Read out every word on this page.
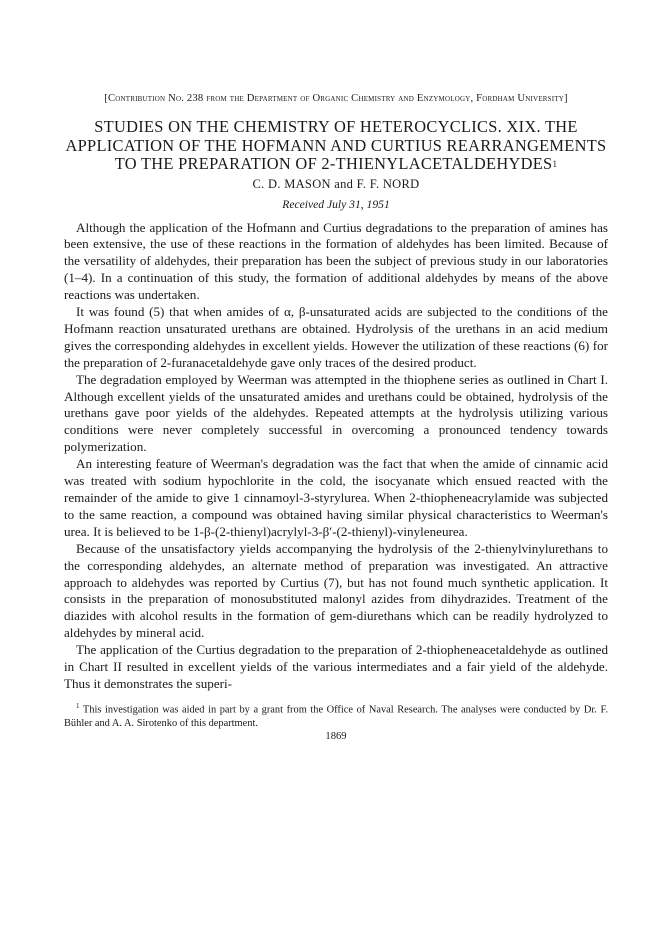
[Contribution No. 238 from the Department of Organic Chemistry and Enzymology, Fordham University]

STUDIES ON THE CHEMISTRY OF HETEROCYCLICS. XIX. THE APPLICATION OF THE HOFMANN AND CURTIUS REARRANGEMENTS TO THE PREPARATION OF 2-THIENYLACETALDEHYDES$^1$

C. D. MASON and F. F. NORD

Received July 31, 1951

Although the application of the Hofmann and Curtius degradations to the preparation of amines has been extensive, the use of these reactions in the formation of aldehydes has been limited. Because of the versatility of aldehydes, their preparation has been the subject of previous study in our laboratories (1–4). In a continuation of this study, the formation of additional aldehydes by means of the above reactions was undertaken.

It was found (5) that when amides of α, β-unsaturated acids are subjected to the conditions of the Hofmann reaction unsaturated urethans are obtained. Hydrolysis of the urethans in an acid medium gives the corresponding aldehydes in excellent yields. However the utilization of these reactions (6) for the preparation of 2-furanacetaldehyde gave only traces of the desired product.

The degradation employed by Weerman was attempted in the thiophene series as outlined in Chart I. Although excellent yields of the unsaturated amides and urethans could be obtained, hydrolysis of the urethans gave poor yields of the aldehydes. Repeated attempts at the hydrolysis utilizing various conditions were never completely successful in overcoming a pronounced tendency towards polymerization.

An interesting feature of Weerman's degradation was the fact that when the amide of cinnamic acid was treated with sodium hypochlorite in the cold, the isocyanate which ensued reacted with the remainder of the amide to give 1 cinnamoyl-3-styrylurea. When 2-thiopheneacrylamide was subjected to the same reaction, a compound was obtained having similar physical characteristics to Weerman's urea. It is believed to be 1-β-(2-thienyl)acrylyl-3-β′-(2-thienyl)-vinyleneurea.

Because of the unsatisfactory yields accompanying the hydrolysis of the 2-thienylvinylurethans to the corresponding aldehydes, an alternate method of preparation was investigated. An attractive approach to aldehydes was reported by Curtius (7), but has not found much synthetic application. It consists in the preparation of monosubstituted malonyl azides from dihydrazides. Treatment of the diazides with alcohol results in the formation of gem-diurethans which can be readily hydrolyzed to aldehydes by mineral acid.

The application of the Curtius degradation to the preparation of 2-thiopheneacetaldehyde as outlined in Chart II resulted in excellent yields of the various intermediates and a fair yield of the aldehyde. Thus it demonstrates the superi-

$^1$ This investigation was aided in part by a grant from the Office of Naval Research. The analyses were conducted by Dr. F. Bühler and A. A. Sirotenko of this department.

1869
